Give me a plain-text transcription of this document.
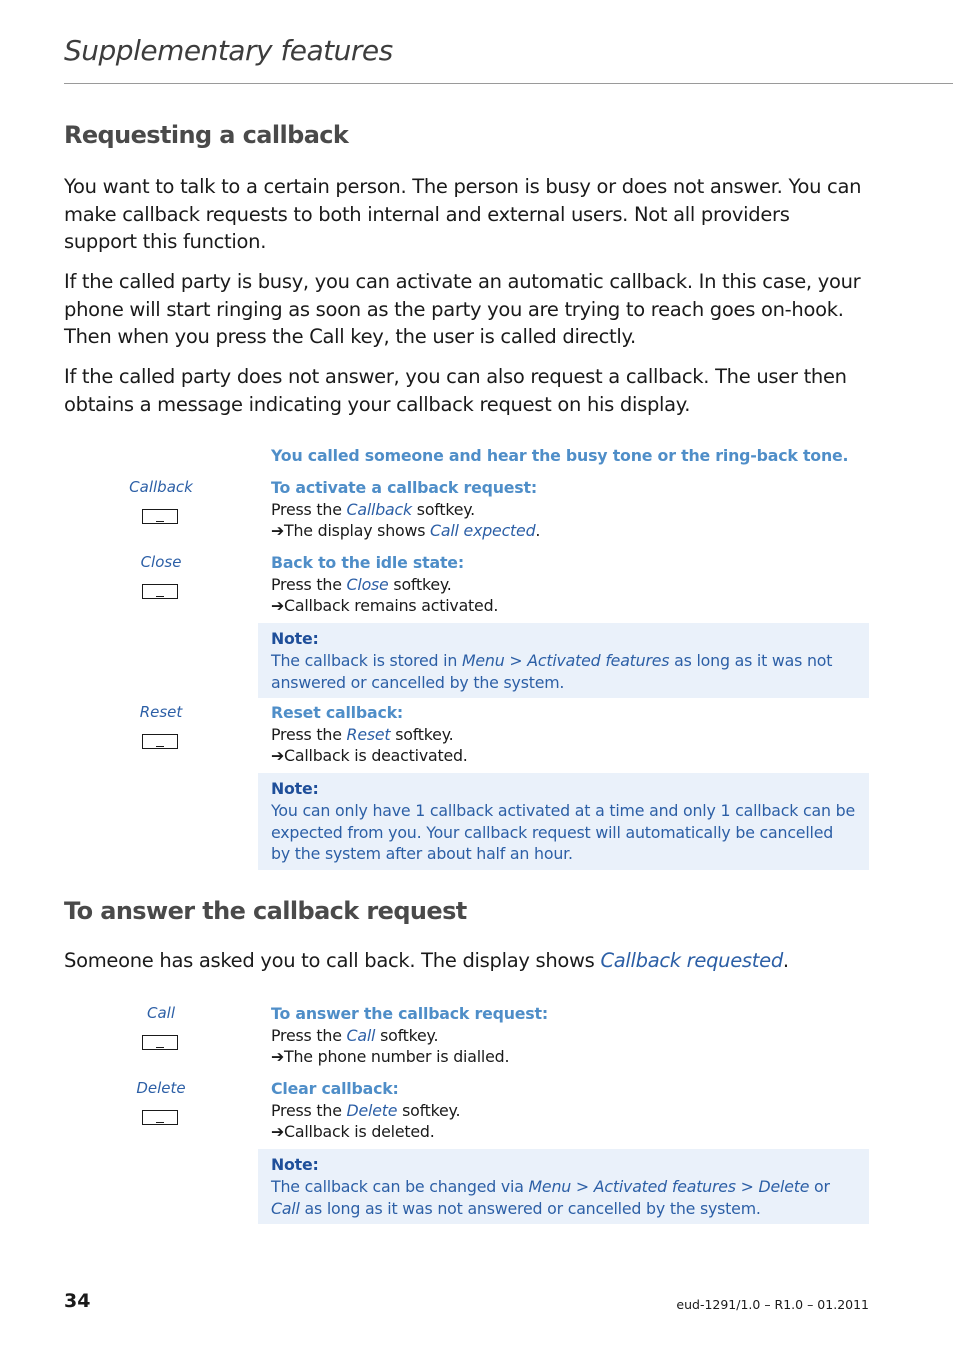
Supplementary features
Requesting a callback

You want to talk to a certain person. The person is busy or does not answer. You can make callback requests to both internal and external users. Not all providers support this function.

If the called party is busy, you can activate an automatic callback. In this case, your phone will start ringing as soon as the party you are trying to reach goes on-hook. Then when you press the Call key, the user is called directly.

If the called party does not answer, you can also request a callback. The user then obtains a message indicating your callback request on his display.

You called someone and hear the busy tone or the ring-back tone.
Callback	To activate a callback request:
Press the Callback softkey.
➔The display shows Call expected.
Close	Back to the idle state:
Press the Close softkey.
➔Callback remains activated.
Note:
The callback is stored in Menu > Activated features as long as it was not answered or cancelled by the system.
Reset	Reset callback:
Press the Reset softkey.
➔Callback is deactivated.
Note:
You can only have 1 callback activated at a time and only 1 callback can be expected from you. Your callback request will automatically be cancelled by the system after about half an hour.
To answer the callback request

Someone has asked you to call back. The display shows Callback requested.

Call	To answer the callback request:
Press the Call softkey.
➔The phone number is dialled.
Delete	Clear callback:
Press the Delete softkey.
➔Callback is deleted.
Note:
The callback can be changed via Menu > Activated features > Delete or Call as long as it was not answered or cancelled by the system.
34	eud-1291/1.0 – R1.0 – 01.2011
